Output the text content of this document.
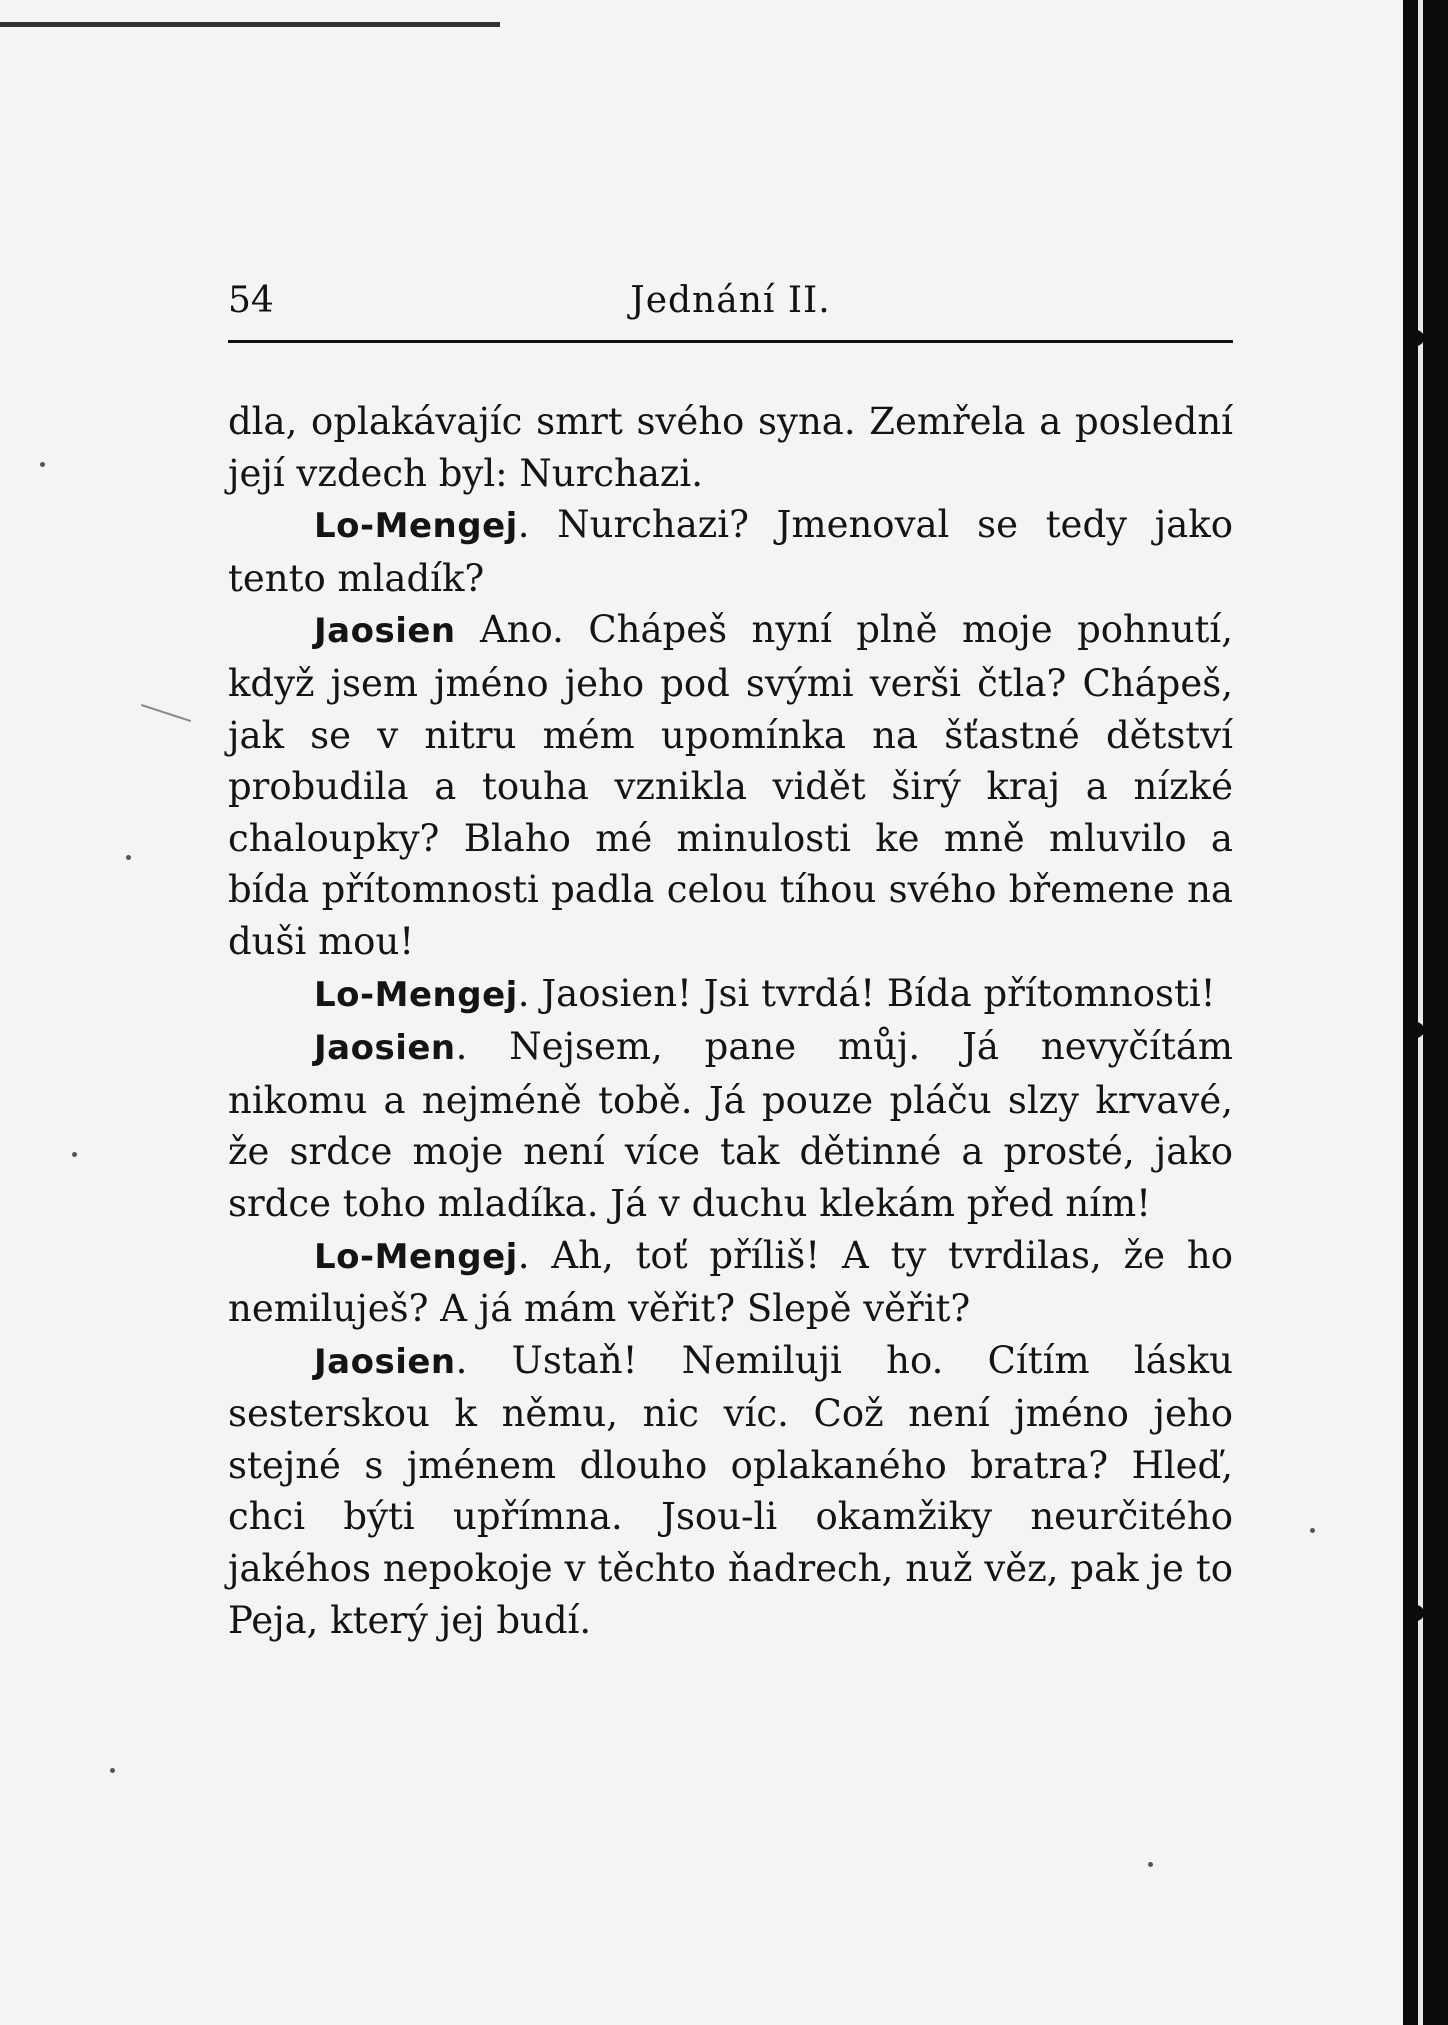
54	Jednání II.

dla, oplakávajíc smrt svého syna. Zemřela a poslední její vzdech byl: Nurchazi.

Lo-Mengej. Nurchazi? Jmenoval se tedy jako tento mladík?

Jaosien Ano. Chápeš nyní plně moje pohnutí, když jsem jméno jeho pod svými verši čtla? Chápeš, jak se v nitru mém upomínka na šťastné dětství probudila a touha vznikla vidět širý kraj a nízké chaloupky? Blaho mé minulosti ke mně mluvilo a bída přítomnosti padla celou tíhou svého břemene na duši mou!

Lo-Mengej. Jaosien! Jsi tvrdá! Bída přítomnosti!

Jaosien. Nejsem, pane můj. Já nevyčítám nikomu a nejméně tobě. Já pouze pláču slzy krvavé, že srdce moje není více tak dětinné a prosté, jako srdce toho mladíka. Já v duchu klekám před ním!

Lo-Mengej. Ah, toť příliš! A ty tvrdilas, že ho nemiluješ? A já mám věřit? Slepě věřit?

Jaosien. Ustaň! Nemiluji ho. Cítím lásku sesterskou k němu, nic víc. Což není jméno jeho stejné s jménem dlouho oplakaného bratra? Hleď, chci býti upřímna. Jsou-li okamžiky neurčitého jakéhos nepokoje v těchto ňadrech, nuž věz, pak je to Peja, který jej budí.
